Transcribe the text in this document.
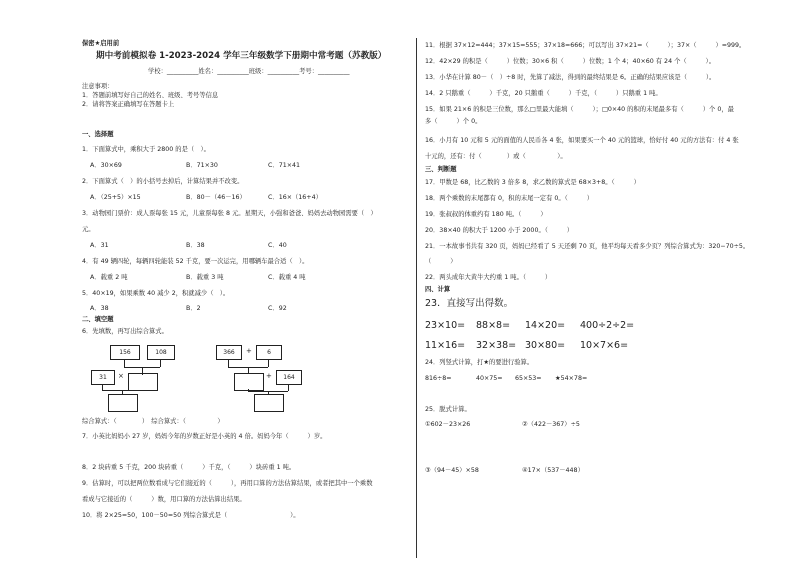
保密★启用前
期中考前模拟卷 1-2023-2024 学年三年级数学下册期中常考题（苏教版）
学校：__________姓名：__________班级：__________考号：__________
注意事项：
1．答题前填写好自己的姓名、班级、考号等信息
2．请将答案正确填写在答题卡上
一、选择题
1．下面算式中，乘积大于 2800 的是（　）。
A．30×69	B．71×30	C．71×41
2．下面算式（　）的小括号去掉后，计算结果并不改变。
A．（25+5）×15	B．80－（46－16）	C．16×（16+4）
3．动物园门票价：成人票每张 15 元，儿童票每张 8 元。星期天，小强和爸爸、妈妈去动物园需要（　）
元。
A．31	B．38	C．40
4．有 49 辆四轮，每辆四轮能装 52 千克，要一次运完，用哪辆车最合适（　）。
A．载重 2 吨	B．载重 3 吨	C．载重 4 吨
5．40×19，如果乘数 40 减少 2，积就减少（　）。
A．38	B．2	C．92
二、填空题
6．先填数，再写出综合算式。
156	108
31	×
366	+	6
+	164
综合算式：（　　　　）　综合算式：（　　　　　）
7．小英比妈妈小 27 岁，妈妈今年的岁数正好是小英的 4 倍。妈妈今年（　　　）岁。
8．2 块砖重 5 千克，200 块砖重（　　　）千克，（　　　）块砖重 1 吨。
9．估算时，可以把两位数看成与它们接近的（　　　），再用口算的方法估算结果，或者把其中一个乘数
看成与它接近的（　　　）数，用口算的方法估算出结果。
10．将 2×25=50，100－50=50 列综合算式是（　　　　　　　　　　）。
11．根据 37×12=444；37×15=555；37×18=666；可以写出 37×21=（　　　）；37×（　　　）=999。
12．42×29 的积是（　　　）位数；30×6 积（　　　）位数；1 个 4；40×60 有 24 个（　　　）。
13．小华在计算 80－（　）÷8 时，先算了减法，得到的最终结果是 6。正确的结果应该是（　　　）。
14．2 只鹅重（　　　）千克，20 只鹅重（　　　）千克，（　　　）只鹅重 1 吨。
15．如果 21×6 的积是三位数，那么□里最大能填（　　　）；□0×40 的积的末尾最多有（　　　）个 0，最
多（　　　）个 0。
16．小月有 10 元和 5 元的面值的人民币各 4 张，如果要买一个 40 元的篮球，恰好付 40 元的方法有：付 4 张
十元的，还有：付（　　　　）或（　　　　　）。
三、判断题
17．甲数是 68，比乙数的 3 倍多 8，求乙数的算式是 68×3+8。（　　　）
18．两个乘数的末尾都有 0，积的末尾一定有 0。（　　　）
19．张叔叔的体重约有 180 吨。（　　　）
20．38×40 的积大于 1200 小于 2000。（　　　）
21．一本故事书共有 320 页，妈妈已经看了 5 天还剩 70 页，他平均每天看多少页？列综合算式为：320−70÷5。
（　　　）
22．两头成年大黄牛大约重 1 吨。（　　　）
四、计算
23．直接写出得数。
23×10= 88×8= 14×20= 400÷2÷2=
11×16= 32×38= 30×80= 10×7×6=
24．列竖式计算，打★的要进行验算。
816÷8=	40×75= 65×53= ★54×78=
25．脱式计算。
①602－23×26	②（422－367）÷5
③（94－45）×58	④17×（537－448）
